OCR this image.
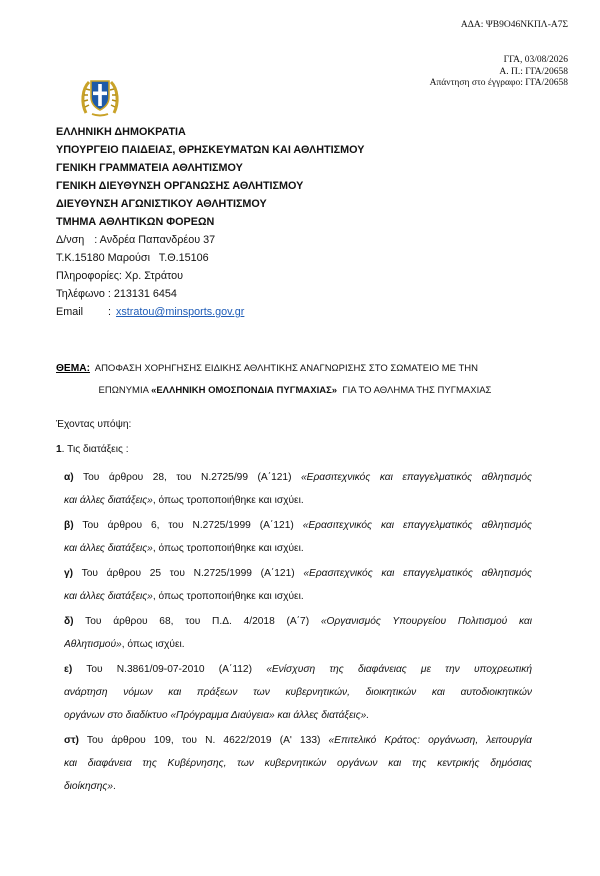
ΑΔΑ: ΨΒ9Ο46ΝΚΠΛ-Α7Σ
ΓΓΑ, 03/08/2026
Α. Π.: ΓΓΑ/20658
Απάντηση στο έγγραφο: ΓΓΑ/20658
ΕΛΛΗΝΙΚΗ ΔΗΜΟΚΡΑΤΙΑ
ΥΠΟΥΡΓΕΙΟ ΠΑΙΔΕΙΑΣ, ΘΡΗΣΚΕΥΜΑΤΩΝ ΚΑΙ ΑΘΛΗΤΙΣΜΟΥ
ΓΕΝΙΚΗ ΓΡΑΜΜΑΤΕΙΑ ΑΘΛΗΤΙΣΜΟΥ
ΓΕΝΙΚΗ ΔΙΕΥΘΥΝΣΗ ΟΡΓΑΝΩΣΗΣ ΑΘΛΗΤΙΣΜΟΥ
ΔΙΕΥΘΥΝΣΗ ΑΓΩΝΙΣΤΙΚΟΥ ΑΘΛΗΤΙΣΜΟΥ
ΤΜΗΜΑ ΑΘΛΗΤΙΚΩΝ ΦΟΡΕΩΝ
Δ/νση : Ανδρέα Παπανδρέου 37
Τ.Κ.15180 Μαρούσι   Τ.Θ.15106
Πληροφορίες: Χρ. Στράτου
Τηλέφωνο : 213131 6454
Email : xstratou@minsports.gov.gr
ΘΕΜΑ: ΑΠΟΦΑΣΗ ΧΟΡΗΓΗΣΗΣ ΕΙΔΙΚΗΣ ΑΘΛΗΤΙΚΗΣ ΑΝΑΓΝΩΡΙΣΗΣ ΣΤΟ ΣΩΜΑΤΕΙΟ ΜΕ ΤΗΝ
ΕΠΩΝΥΜΙΑ «ΕΛΛΗΝΙΚΗ ΟΜΟΣΠΟΝΔΙΑ ΠΥΓΜΑΧΙΑΣ»  ΓΙΑ ΤΟ ΑΘΛΗΜΑ ΤΗΣ ΠΥΓΜΑΧΙΑΣ
Έχοντας υπόψη:
1. Τις διατάξεις :
α) Του άρθρου 28, του Ν.2725/99 (Α΄121) «Ερασιτεχνικός και επαγγελματικός αθλητισμός
και άλλες διατάξεις», όπως τροποποιήθηκε και ισχύει.
β) Του άρθρου 6, του Ν.2725/1999 (Α΄121) «Ερασιτεχνικός και επαγγελματικός αθλητισμός
και άλλες διατάξεις», όπως τροποποιήθηκε και ισχύει.
γ) Του άρθρου 25 του Ν.2725/1999 (Α΄121) «Ερασιτεχνικός και επαγγελματικός αθλητισμός
και άλλες διατάξεις», όπως τροποποιήθηκε και ισχύει.
δ) Του άρθρου 68, του Π.Δ. 4/2018 (Α΄7) «Οργανισμός Υπουργείου Πολιτισμού και
Αθλητισμού», όπως ισχύει.
ε) Του Ν.3861/09-07-2010 (Α΄112) «Ενίσχυση της διαφάνειας με την υποχρεωτική
ανάρτηση νόμων και πράξεων των κυβερνητικών, διοικητικών και αυτοδιοικητικών
οργάνων στο διαδίκτυο «Πρόγραμμα Διαύγεια» και άλλες διατάξεις».
στ) Του άρθρου 109, του Ν. 4622/2019 (Α' 133) «Επιτελικό Κράτος: οργάνωση, λειτουργία
και διαφάνεια της Κυβέρνησης, των κυβερνητικών οργάνων και της κεντρικής δημόσιας
διοίκησης».
